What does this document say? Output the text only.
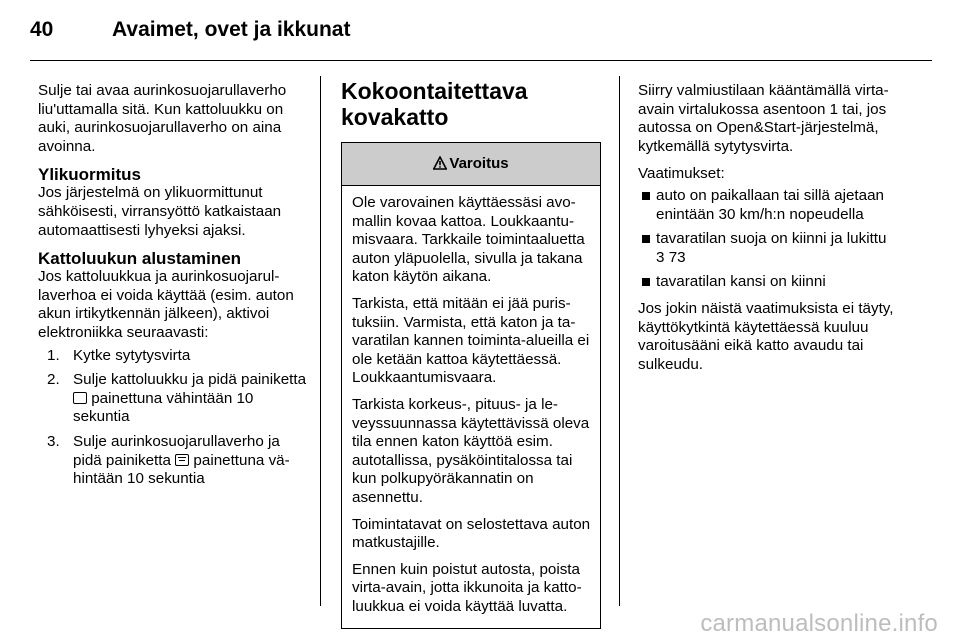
40	Avaimet, ovet ja ikkunat

Sulje tai avaa aurinkosuojarullaverho liu'uttamalla sitä. Kun kattoluukku on auki, aurinkosuojarullaverho on aina avoinna.

Ylikuormitus

Jos järjestelmä on ylikuormittunut sähköisesti, virransyöttö katkaistaan automaattisesti lyhyeksi ajaksi.

Kattoluukun alustaminen

Jos kattoluukkua ja aurinkosuojarullaverhoa ei voida käyttää (esim. auton akun irtikytkennän jälkeen), aktivoi elektroniikka seuraavasti:

1. Kytke sytytysvirta
2. Sulje kattoluukku ja pidä painiketta  painettuna vähintään 10 sekuntia
3. Sulje aurinkosuojarullaverho ja pidä painiketta painettuna vähintään 10 sekuntia
Kokoontaitettava
kovakatto
Varoitus

Ole varovainen käyttäessäsi avomallin kovaa kattoa. Loukkaantumisvaara. Tarkkaile toimintaaluetta auton yläpuolella, sivulla ja takana katon käytön aikana.

Tarkista, että mitään ei jää puristuksiin. Varmista, että katon ja tavaratilan kannen toiminta-alueilla ei ole ketään kattoa käytettäessä. Loukkaantumisvaara.

Tarkista korkeus-, pituus- ja leveyssuunnassa käytettävissä oleva tila ennen katon käyttöä esim. autotallissa, pysäköintitalossa tai kun polkupyöräkannatin on asennettu.

Toimintatavat on selostettava auton matkustajille.

Ennen kuin poistut autosta, poista virta-avain, jotta ikkunoita ja kattoluukkua ei voida käyttää luvatta.

Siirry valmiustilaan kääntämällä virta-avain virtalukossa asentoon 1 tai, jos autossa on Open&Start-järjestelmä, kytkemällä sytytysvirta.

Vaatimukset:

auto on paikallaan tai sillä ajetaan enintään 30 km/h:n nopeudella
tavaratilan suoja on kiinni ja lukittu
3 73
tavaratilan kansi on kiinni

Jos jokin näistä vaatimuksista ei täyty, käyttökytkintä käytettäessä kuuluu varoitusääni eikä katto avaudu tai sulkeudu.

carmanualsonline.info
